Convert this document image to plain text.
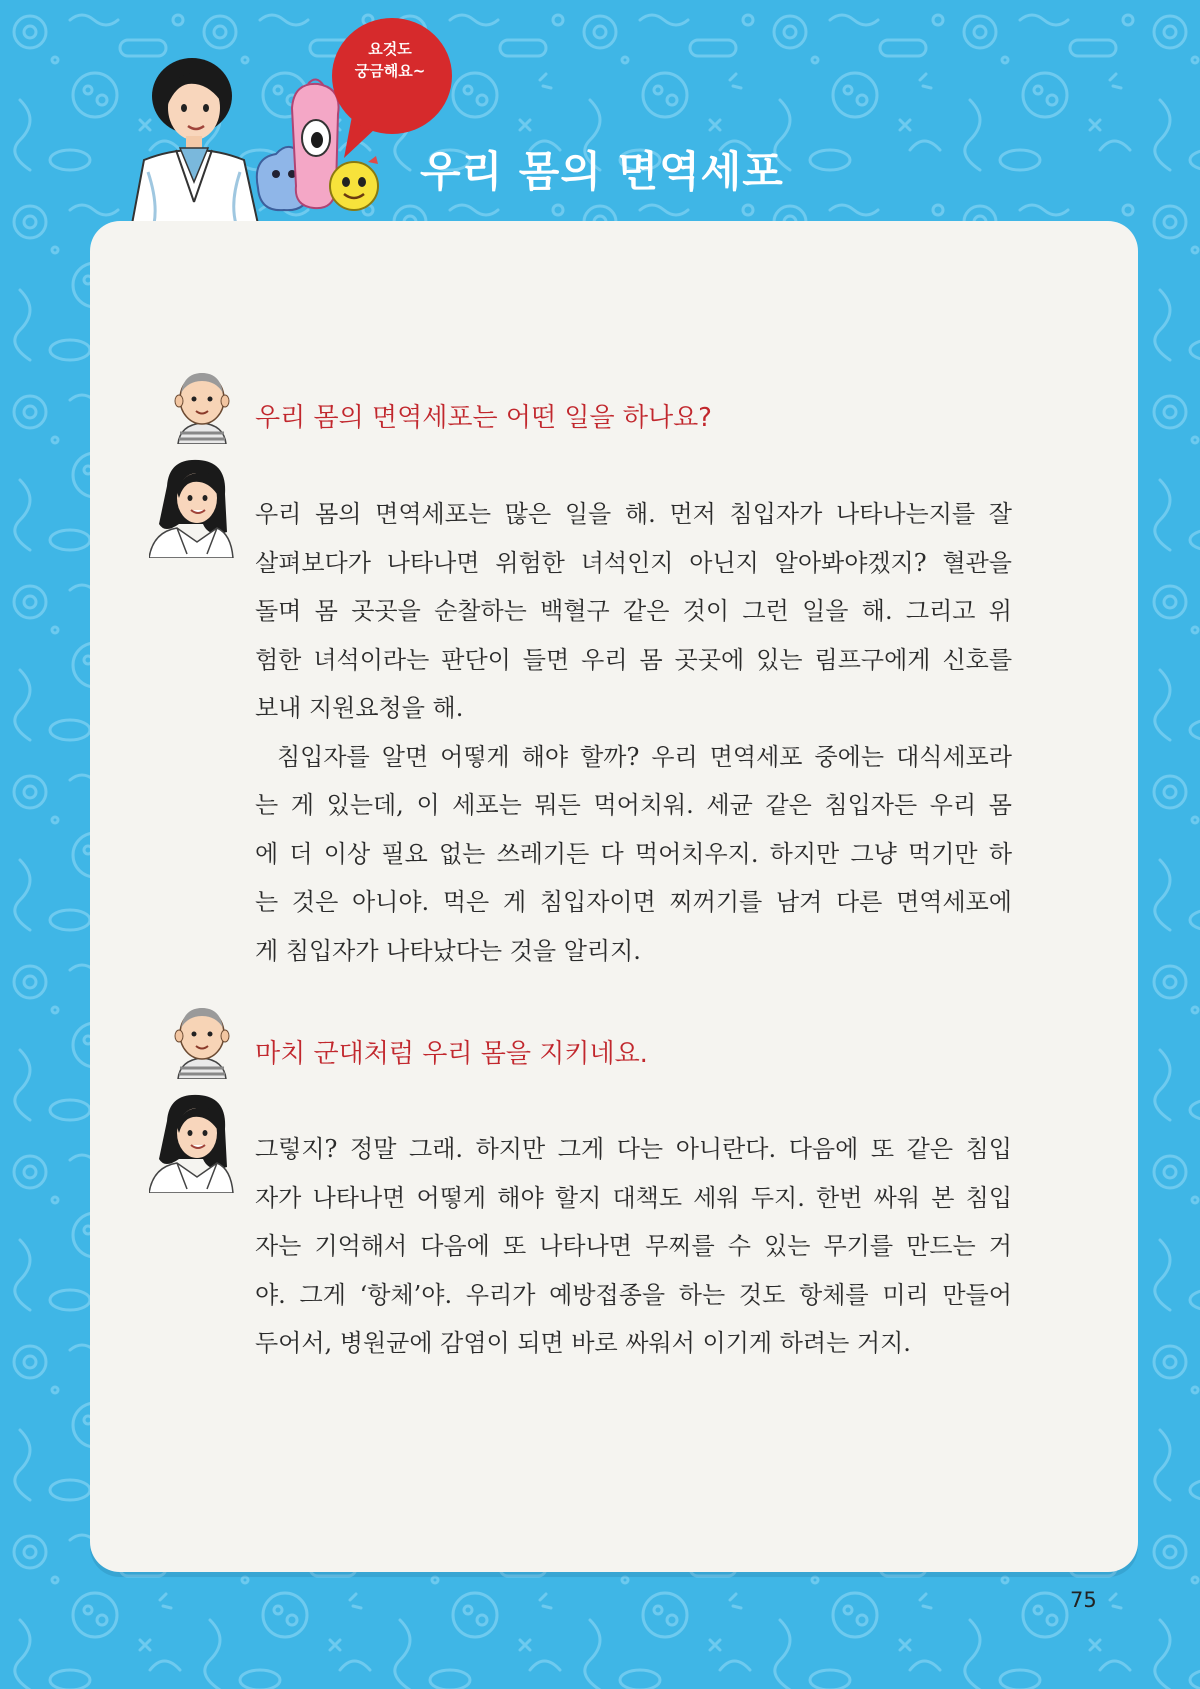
요것도
궁금해요~
우리 몸의 면역세포
우리 몸의 면역세포는 어떤 일을 하나요?
우리 몸의 면역세포는 많은 일을 해. 먼저 침입자가 나타나는지를 잘
살펴보다가 나타나면 위험한 녀석인지 아닌지 알아봐야겠지? 혈관을
돌며 몸 곳곳을 순찰하는 백혈구 같은 것이 그런 일을 해. 그리고 위
험한 녀석이라는 판단이 들면 우리 몸 곳곳에 있는 림프구에게 신호를
보내 지원요청을 해.
침입자를 알면 어떻게 해야 할까? 우리 면역세포 중에는 대식세포라
는 게 있는데, 이 세포는 뭐든 먹어치워. 세균 같은 침입자든 우리 몸
에 더 이상 필요 없는 쓰레기든 다 먹어치우지. 하지만 그냥 먹기만 하
는 것은 아니야. 먹은 게 침입자이면 찌꺼기를 남겨 다른 면역세포에
게 침입자가 나타났다는 것을 알리지.
마치 군대처럼 우리 몸을 지키네요.
그렇지? 정말 그래. 하지만 그게 다는 아니란다. 다음에 또 같은 침입
자가 나타나면 어떻게 해야 할지 대책도 세워 두지. 한번 싸워 본 침입
자는 기억해서 다음에 또 나타나면 무찌를 수 있는 무기를 만드는 거
야. 그게 ‘항체’야. 우리가 예방접종을 하는 것도 항체를 미리 만들어
두어서, 병원균에 감염이 되면 바로 싸워서 이기게 하려는 거지.
75
